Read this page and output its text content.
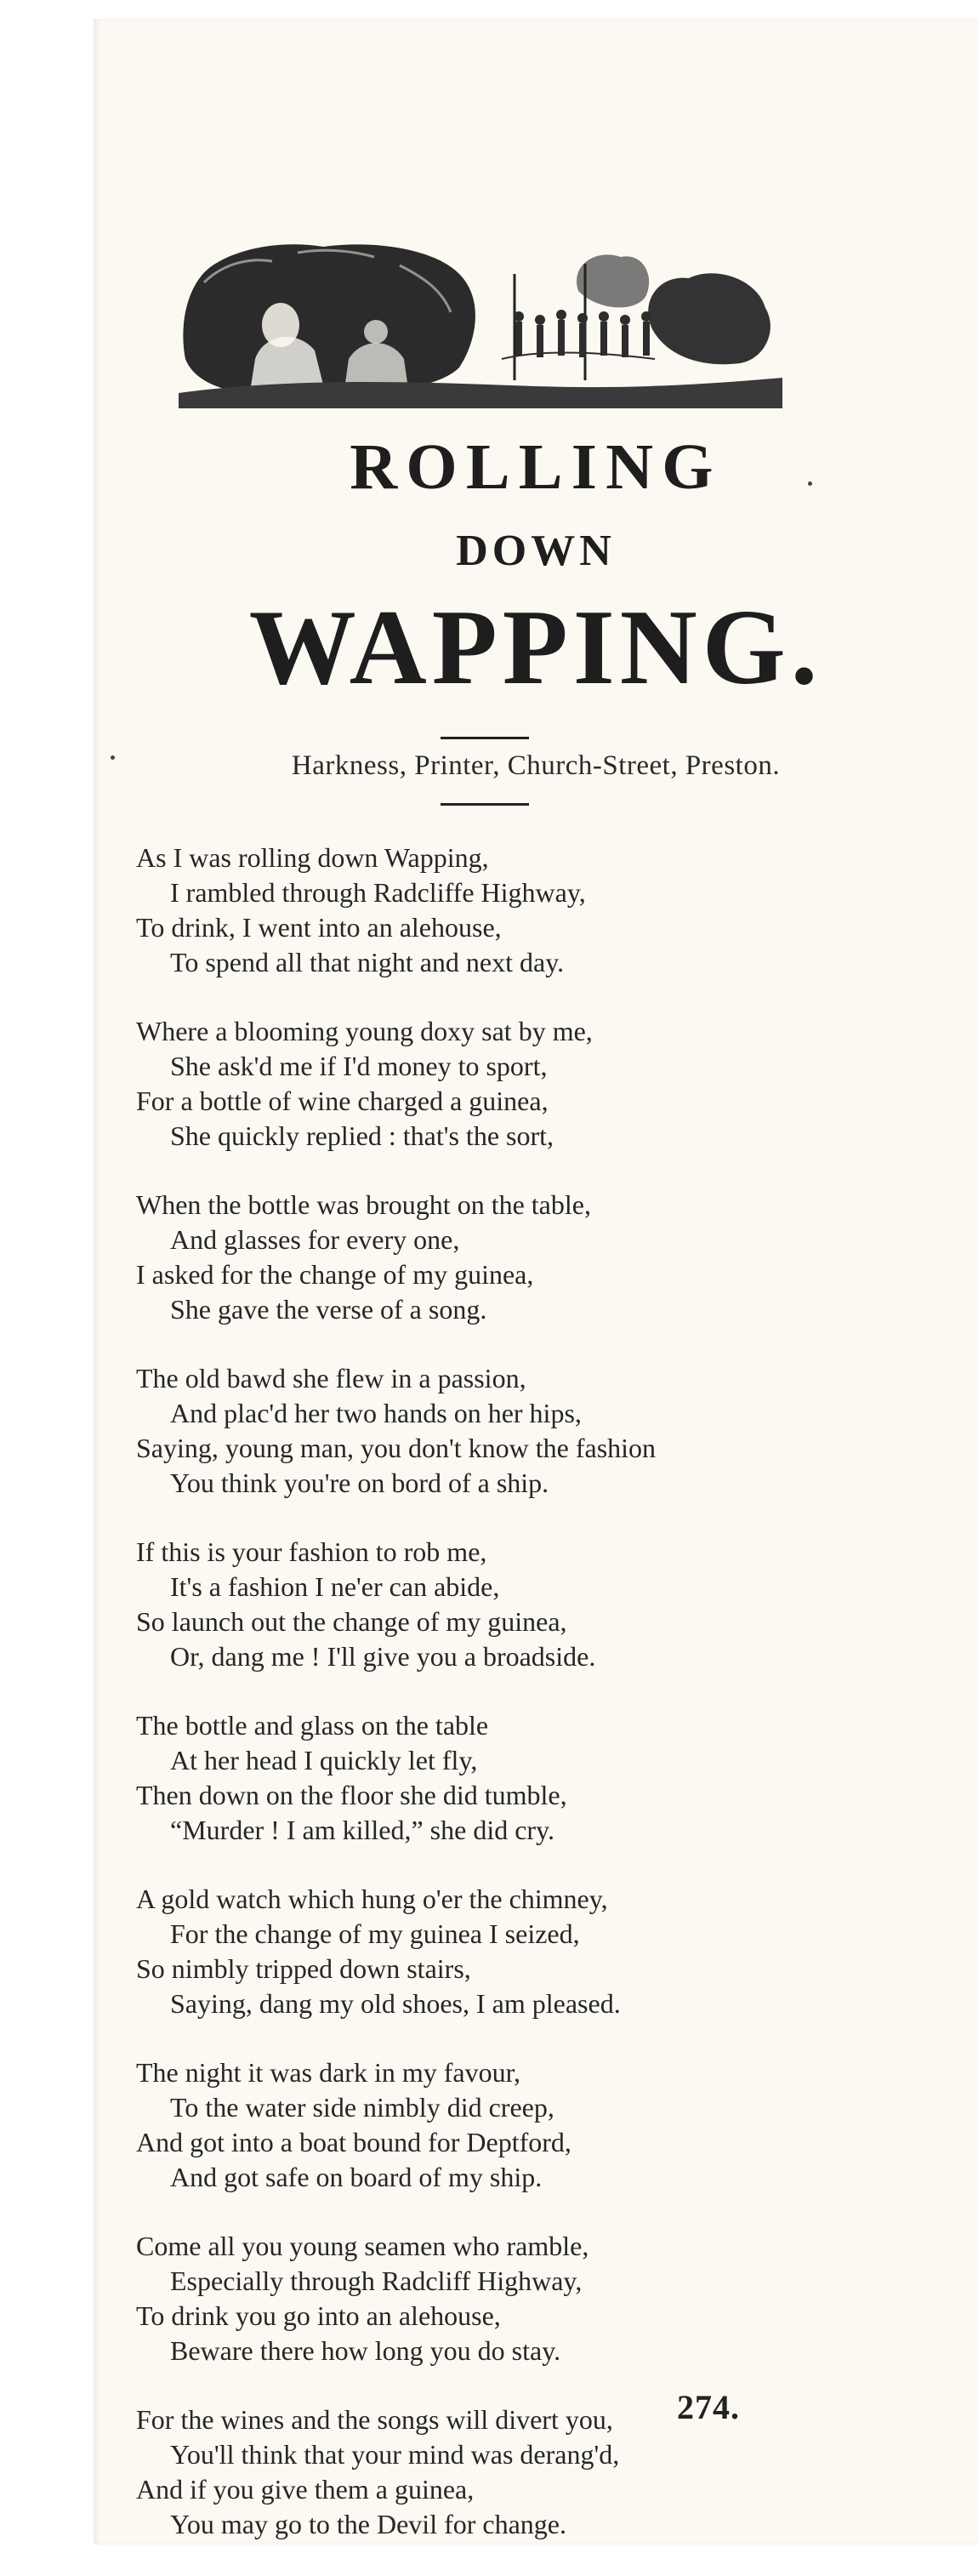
ROLLING
DOWN
WAPPING.
Harkness, Printer, Church-Street, Preston.
As I was rolling down Wapping,
I rambled through Radcliffe Highway,
To drink, I went into an alehouse,
To spend all that night and next day.
Where a blooming young doxy sat by me,
She ask'd me if I'd money to sport,
For a bottle of wine charged a guinea,
She quickly replied : that's the sort,
When the bottle was brought on the table,
And glasses for every one,
I asked for the change of my guinea,
She gave the verse of a song.
The old bawd she flew in a passion,
And plac'd her two hands on her hips,
Saying, young man, you don't know the fashion
You think you're on bord of a ship.
If this is your fashion to rob me,
It's a fashion I ne'er can abide,
So launch out the change of my guinea,
Or, dang me ! I'll give you a broadside.
The bottle and glass on the table
At her head I quickly let fly,
Then down on the floor she did tumble,
“Murder ! I am killed,” she did cry.
A gold watch which hung o'er the chimney,
For the change of my guinea I seized,
So nimbly tripped down stairs,
Saying, dang my old shoes, I am pleased.
The night it was dark in my favour,
To the water side nimbly did creep,
And got into a boat bound for Deptford,
And got safe on board of my ship.
Come all you young seamen who ramble,
Especially through Radcliff Highway,
To drink you go into an alehouse,
Beware there how long you do stay.
For the wines and the songs will divert you,
You'll think that your mind was derang'd,
And if you give them a guinea,
You may go to the Devil for change.
274.
